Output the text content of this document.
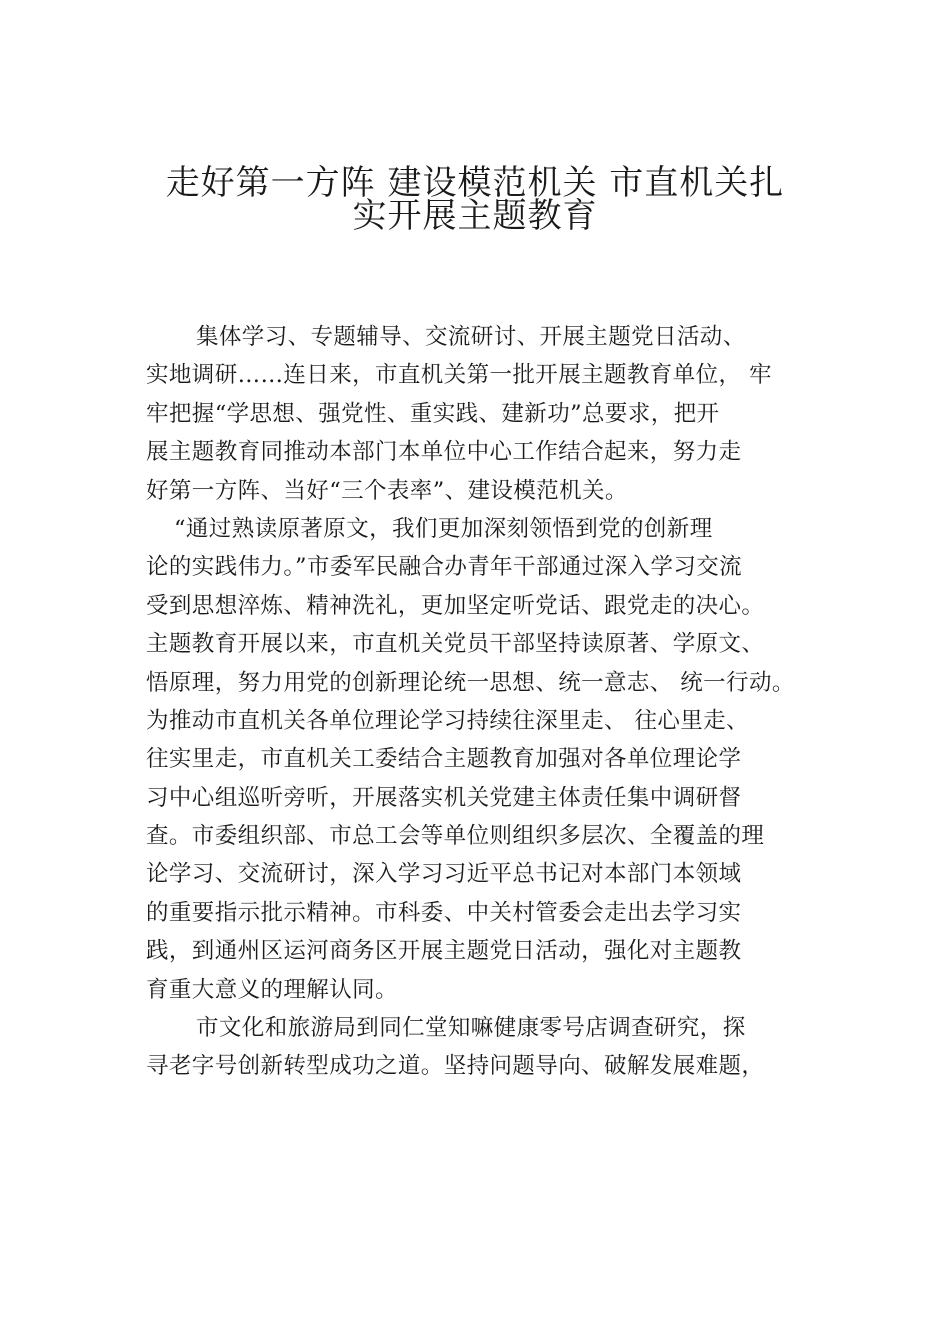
走好第一方阵 建设模范机关 市直机关扎
实开展主题教育
集体学习、专题辅导、交流研讨、开展主题党日活动、
实地调研……连日来，市直机关第一批开展主题教育单位， 牢
牢把握“学思想、强党性、重实践、建新功”总要求，把开
展主题教育同推动本部门本单位中心工作结合起来，努力走
好第一方阵、当好“三个表率”、建设模范机关。
“通过熟读原著原文，我们更加深刻领悟到党的创新理
论的实践伟力。”市委军民融合办青年干部通过深入学习交流
受到思想淬炼、精神洗礼，更加坚定听党话、跟党走的决心。
主题教育开展以来，市直机关党员干部坚持读原著、学原文、
悟原理，努力用党的创新理论统一思想、统一意志、 统一行动。
为推动市直机关各单位理论学习持续往深里走、 往心里走、
往实里走，市直机关工委结合主题教育加强对各单位理论学
习中心组巡听旁听，开展落实机关党建主体责任集中调研督
查。市委组织部、市总工会等单位则组织多层次、全覆盖的理
论学习、交流研讨，深入学习习近平总书记对本部门本领域
的重要指示批示精神。市科委、中关村管委会走出去学习实
践，到通州区运河商务区开展主题党日活动，强化对主题教
育重大意义的理解认同。
市文化和旅游局到同仁堂知嘛健康零号店调查研究，探
寻老字号创新转型成功之道。坚持问题导向、破解发展难题，
